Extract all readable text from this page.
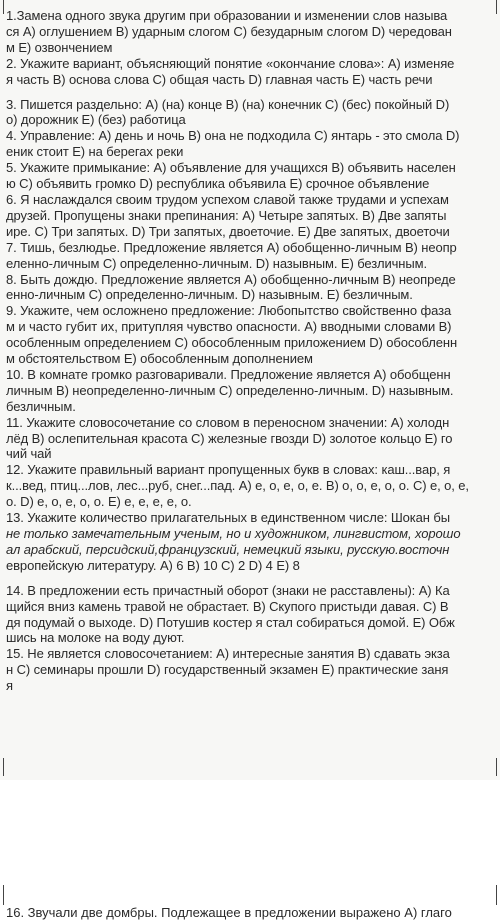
1.Замена одного звука другим при образовании и изменении слов называ
ся A) оглушением B) ударным слогом C) безударным слогом D) чередован
м E) озвончением
2. Укажите вариант, объясняющий понятие «окончание слова»: A) изменяе
я часть B) основа слова C) общая часть D) главная часть E) часть речи
3. Пишется раздельно: A) (на) конце B) (на) конечник C) (бес) покойный D)
о) дорожник E) (без) работица
4. Управление: A) день и ночь B) она не подходила C) янтарь - это смола D)
еник стоит E) на берегах реки
5. Укажите примыкание: A) объявление для учащихся B) объявить населен
ю C) объявить громко D) республика объявила E) срочное объявление
6. Я наслаждался своим трудом успехом славой также трудами и успехам
друзей. Пропущены знаки препинания: A) Четыре запятых. B) Две запяты
ире. C) Три запятых. D) Три запятых, двоеточие. E) Две запятых, двоеточи
7. Тишь, безлюдье. Предложение является A) обобщенно-личным B) неопр
еленно-личным C) определенно-личным. D) назывным. E) безличным.
8. Быть дождю. Предложение является A) обобщенно-личным B) неопреде
енно-личным C) определенно-личным. D) назывным. E) безличным.
9. Укажите, чем осложнено предложение: Любопытство свойственно фаза
м и часто губит их, притупляя чувство опасности. A) вводными словами B)
особленным определением C) обособленным приложением D) обособленн
м обстоятельством E) обособленным дополнением
10. В комнате громко разговаривали. Предложение является A) обобщенн
личным B) неопределенно-личным C) определенно-личным. D) назывным.
безличным.
11. Укажите словосочетание со словом в переносном значении: A) холодн
лёд B) ослепительная красота C) железные гвозди D) золотое кольцо E) го
чий чай
12. Укажите правильный вариант пропущенных букв в словах: каш...вар, я
к...вед, птиц...лов, лес...руб, снег...пад. A) е, о, е, о, е. B) о, о, е, о, о. C) е, о, е,
о. D) е, о, е, о, о. E) е, е, е, е, о.
13. Укажите количество прилагательных в единственном числе: Шокан бы
не только замечательным ученым, но и художником, лингвистом, хорошо
ал арабский, персидский,французский, немецкий языки, русскую.восточн
европейскую литературу. A) 6 B) 10 C) 2 D) 4 E) 8
14. В предложении есть причастный оборот (знаки не расставлены): A) Ка
щийся вниз камень травой не обрастает. B) Скупого пристыди давая. C) В
дя подумай о выходе. D) Потушив костер я стал собираться домой. E) Обж
шись на молоке на воду дуют.
15. Не является словосочетанием: A) интересные занятия B) сдавать экза
н C) семинары прошли D) государственный экзамен E) практические заня
я
16. Звучали две домбры. Подлежащее в предложении выражено A) глаго
